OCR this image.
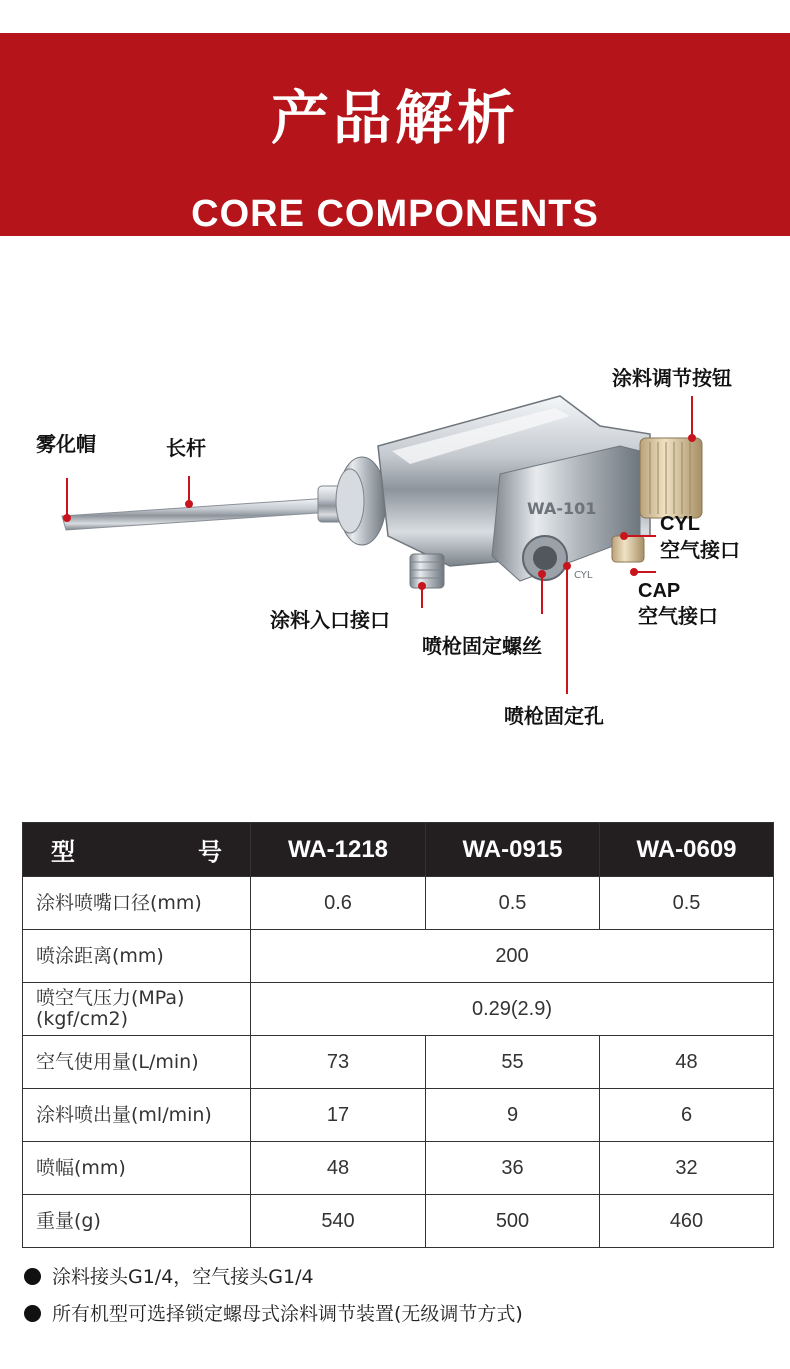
产品解析
CORE COMPONENTS
WA-101
CYL
雾化帽	长杆
涂料调节按钮
CYL
空气接口
CAP
空气接口
涂料入口接口
喷枪固定螺丝
喷枪固定孔
型 号	WA-1218	WA-0915	WA-0609
涂料喷嘴口径(mm)	0.6	0.5	0.5
喷涂距离(mm)	200		

喷空气压力(MPa)
(kgf/cm2)	0.29(2.9)		
空气使用量(L/min)	73	55	48
涂料喷出量(ml/min)	17	9	6
喷幅(mm)	48	36	32
重量(g)	540	500	460
涂料接头G1/4，空气接头G1/4
所有机型可选择锁定螺母式涂料调节装置(无级调节方式)
